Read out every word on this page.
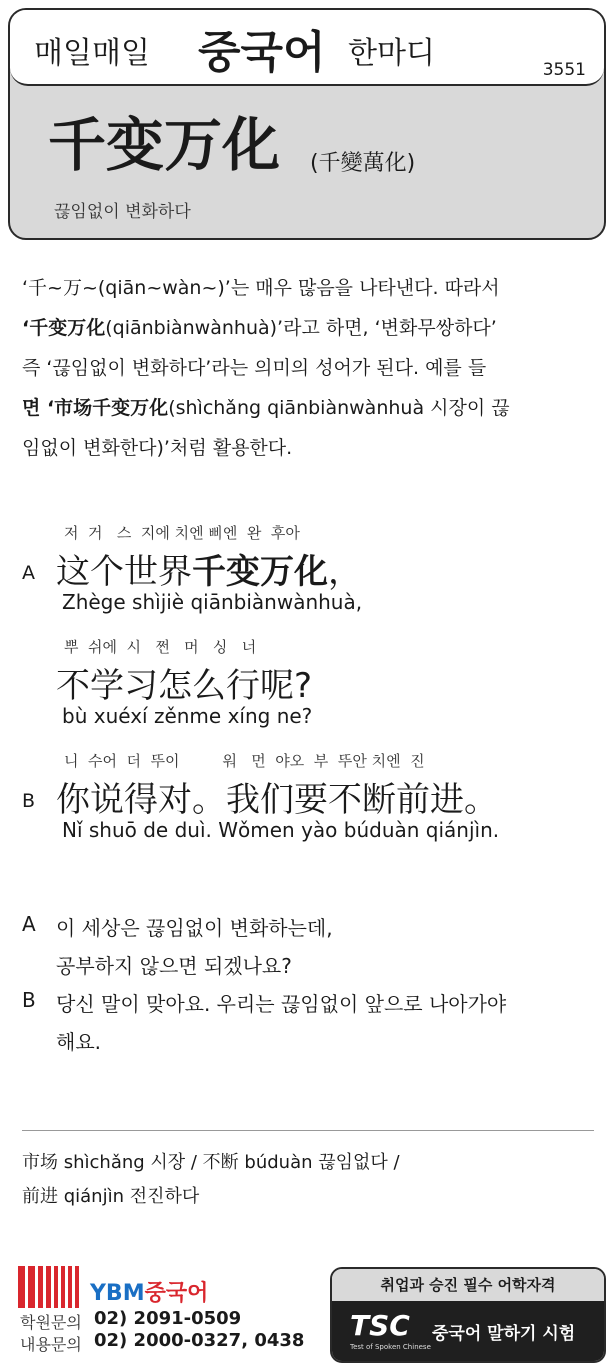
매일매일 중국어 한마디	3551
千变万化 (千變萬化)
끊임없이 변화하다

‘千~万~(qiān~wàn~)’는 매우 많음을 나타낸다. 따라서

‘千变万化(qiānbiànwànhuà)’라고 하면, ‘변화무쌍하다’

즉 ‘끊임없이 변화하다’라는 의미의 성어가 된다. 예를 들

면 ‘市场千变万化(shìchǎng qiānbiànwànhuà 시장이 끊

임없이 변화한다)’처럼 활용한다.

저  거   스  지에 치엔 삐엔  완  후아
A 这个世界千变万化，
Zhège shìjiè qiānbiànwànhuà,
뿌  쉬에  시   쩐   머   싱   너
不学习怎么行呢?
bù xuéxí zěnme xíng ne?
니  수어  더  뚜이         워   먼  야오  부  뚜안 치엔  진
B 你说得对。我们要不断前进。
Nǐ shuō de duì. Wǒmen yào búduàn qiánjìn.
A 이 세상은 끊임없이 변화하는데,
공부하지 않으면 되겠나요?
B 당신 말이 맞아요. 우리는 끊임없이 앞으로 나아가야
해요.
市场 shìchǎng 시장 / 不断 búduàn 끊임없다 /
前进 qiánjìn 전진하다
YBM중국어
학원문의 02) 2091-0509
내용문의 02) 2000-0327, 0438
취업과 승진 필수 어학자격
TSC
Test of Spoken Chinese
중국어 말하기 시험
